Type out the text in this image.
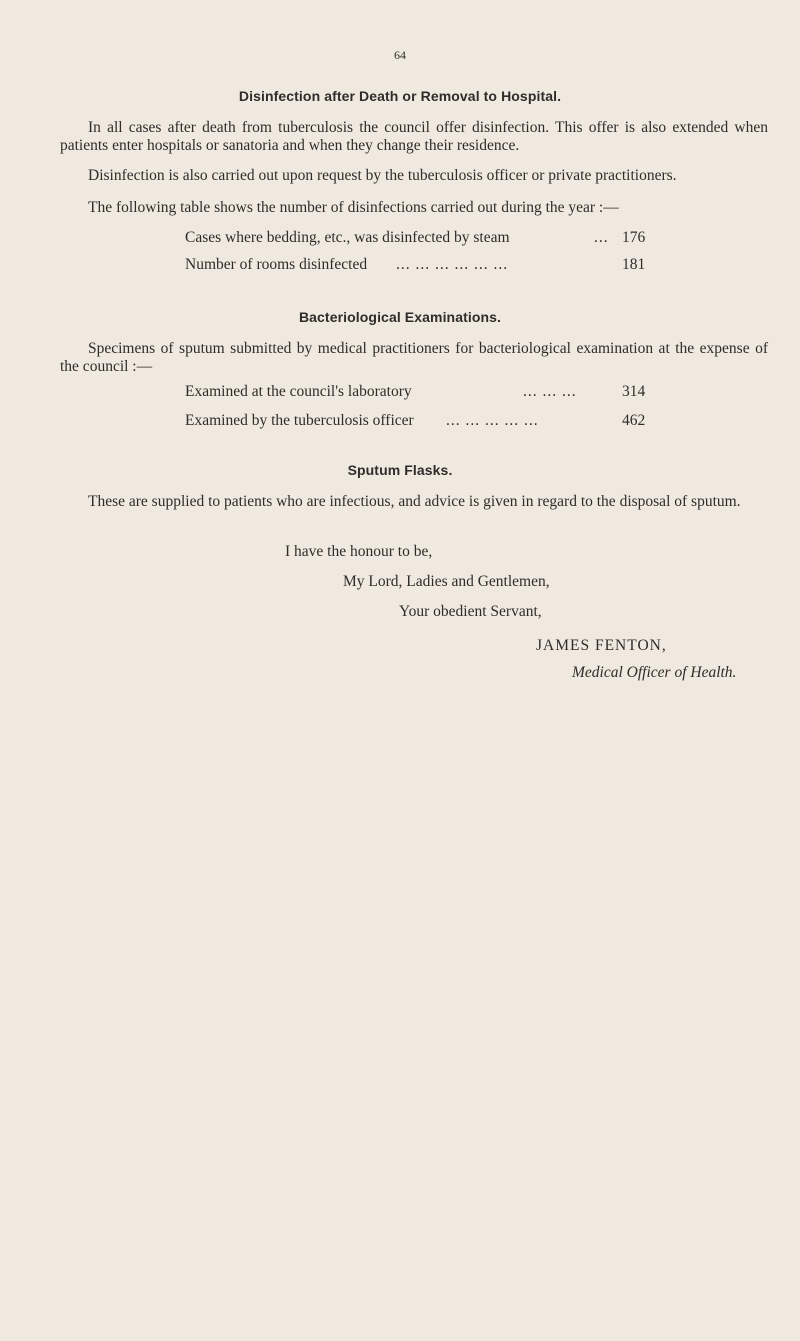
64
Disinfection after Death or Removal to Hospital.
In all cases after death from tuberculosis the council offer disinfection. This offer is also extended when patients enter hospitals or sanatoria and when they change their residence.
Disinfection is also carried out upon request by the tuberculosis officer or private practitioners.
The following table shows the number of disinfections carried out during the year :—
Cases where bedding, etc., was disinfected by steam	... 176
Number of rooms disinfected ... ... ... ... ... ...	181
Bacteriological Examinations.
Specimens of sputum submitted by medical practitioners for bacteriological examination at the expense of the council :—
Examined at the council's laboratory	... ... ...	314
Examined by the tuberculosis officer ... ... ... ... ...	462
Sputum Flasks.
These are supplied to patients who are infectious, and advice is given in regard to the disposal of sputum.
I have the honour to be,
My Lord, Ladies and Gentlemen,
Your obedient Servant,
JAMES FENTON,
Medical Officer of Health.
